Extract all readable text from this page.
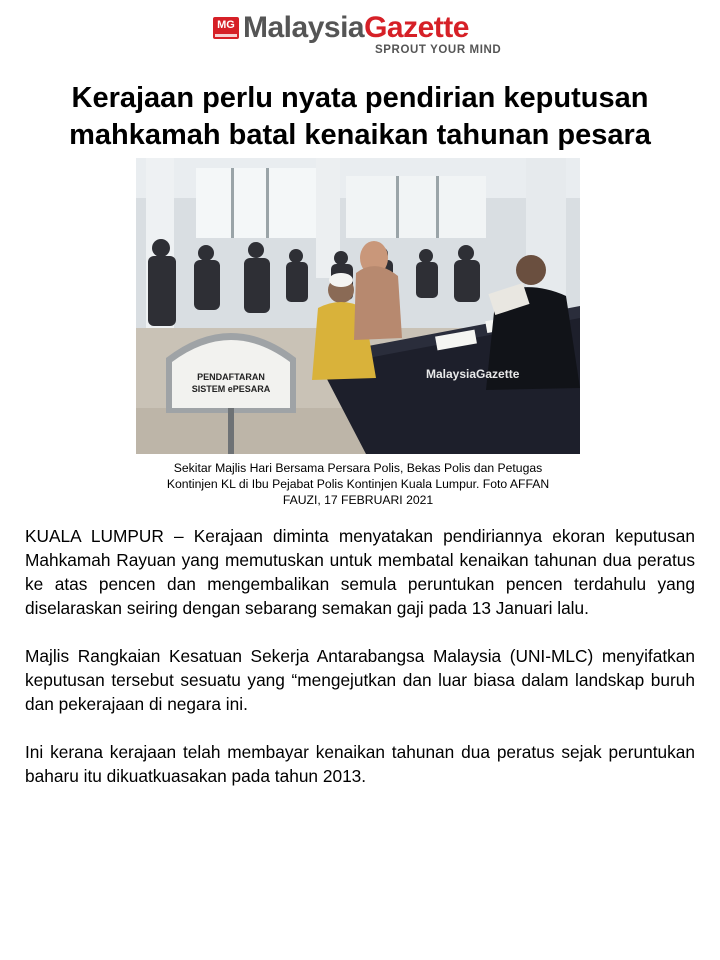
MG MalaysiaGazette
SPROUT YOUR MIND
Kerajaan perlu nyata pendirian keputusan mahkamah batal kenaikan tahunan pesara
PENDAFTARAN
SISTEM ePESARA
MalaysiaGazette
Sekitar Majlis Hari Bersama Persara Polis, Bekas Polis dan Petugas Kontinjen KL di Ibu Pejabat Polis Kontinjen Kuala Lumpur. Foto AFFAN FAUZI, 17 FEBRUARI 2021

KUALA LUMPUR – Kerajaan diminta menyatakan pendiriannya ekoran keputusan Mahkamah Rayuan yang memutuskan untuk membatal kenaikan tahunan dua peratus ke atas pencen dan mengembalikan semula peruntukan pencen terdahulu yang diselaraskan seiring dengan sebarang semakan gaji pada 13 Januari lalu.

Majlis Rangkaian Kesatuan Sekerja Antarabangsa Malaysia (UNI-MLC) menyifatkan keputusan tersebut sesuatu yang “mengejutkan dan luar biasa dalam landskap buruh dan pekerajaan di negara ini.

Ini kerana kerajaan telah membayar kenaikan tahunan dua peratus sejak peruntukan baharu itu dikuatkuasakan pada tahun 2013.
